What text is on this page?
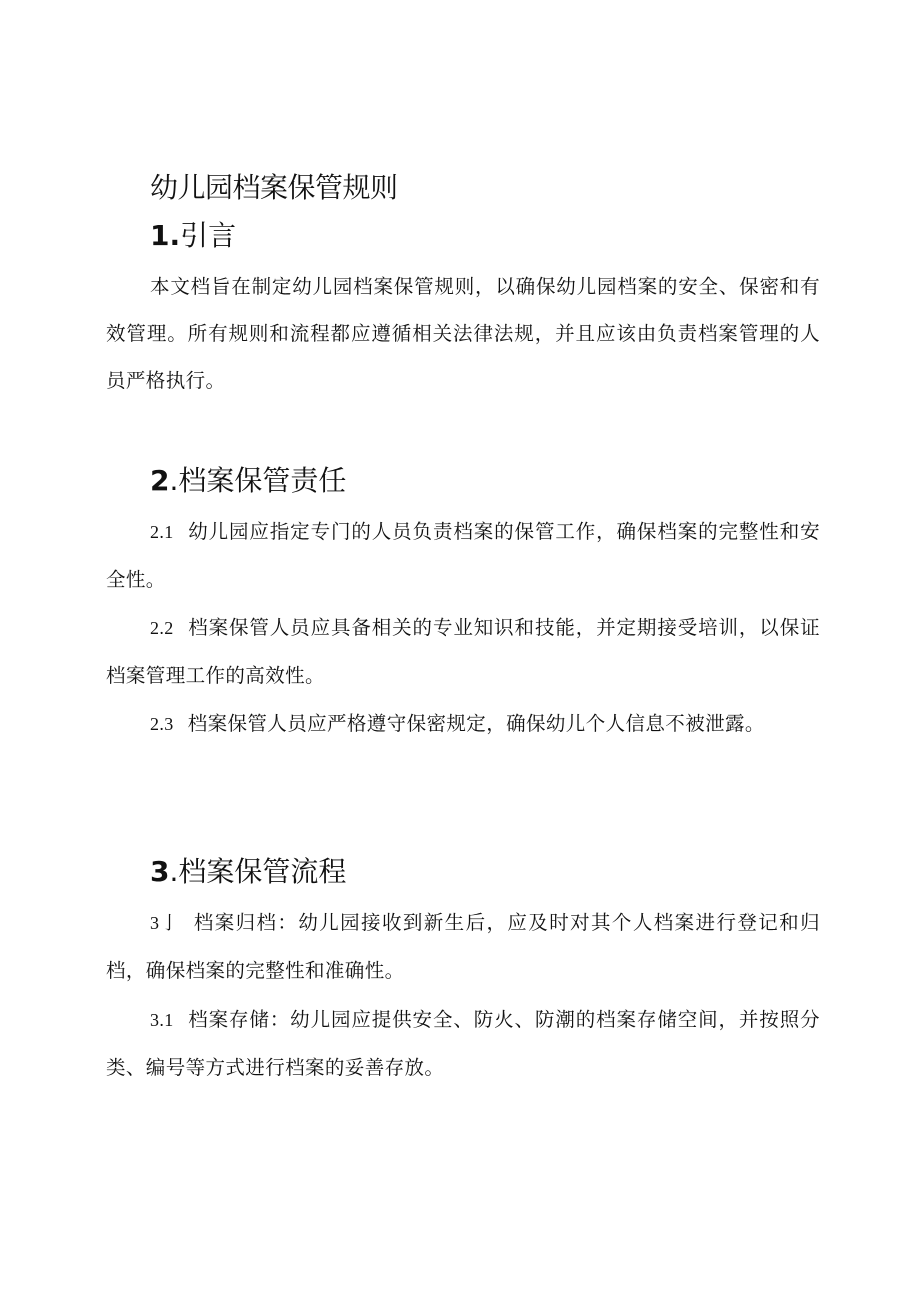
幼儿园档案保管规则
1.引言

本文档旨在制定幼儿园档案保管规则，以确保幼儿园档案的安全、保密和有效管理。所有规则和流程都应遵循相关法律法规，并且应该由负责档案管理的人员严格执行。

2.档案保管责任

2.1 幼儿园应指定专门的人员负责档案的保管工作，确保档案的完整性和安全性。

2.2 档案保管人员应具备相关的专业知识和技能，并定期接受培训，以保证档案管理工作的高效性。

2.3 档案保管人员应严格遵守保密规定，确保幼儿个人信息不被泄露。

3.档案保管流程

3亅 档案归档：幼儿园接收到新生后，应及时对其个人档案进行登记和归档，确保档案的完整性和准确性。

3.1 档案存储：幼儿园应提供安全、防火、防潮的档案存储空间，并按照分类、编号等方式进行档案的妥善存放。
